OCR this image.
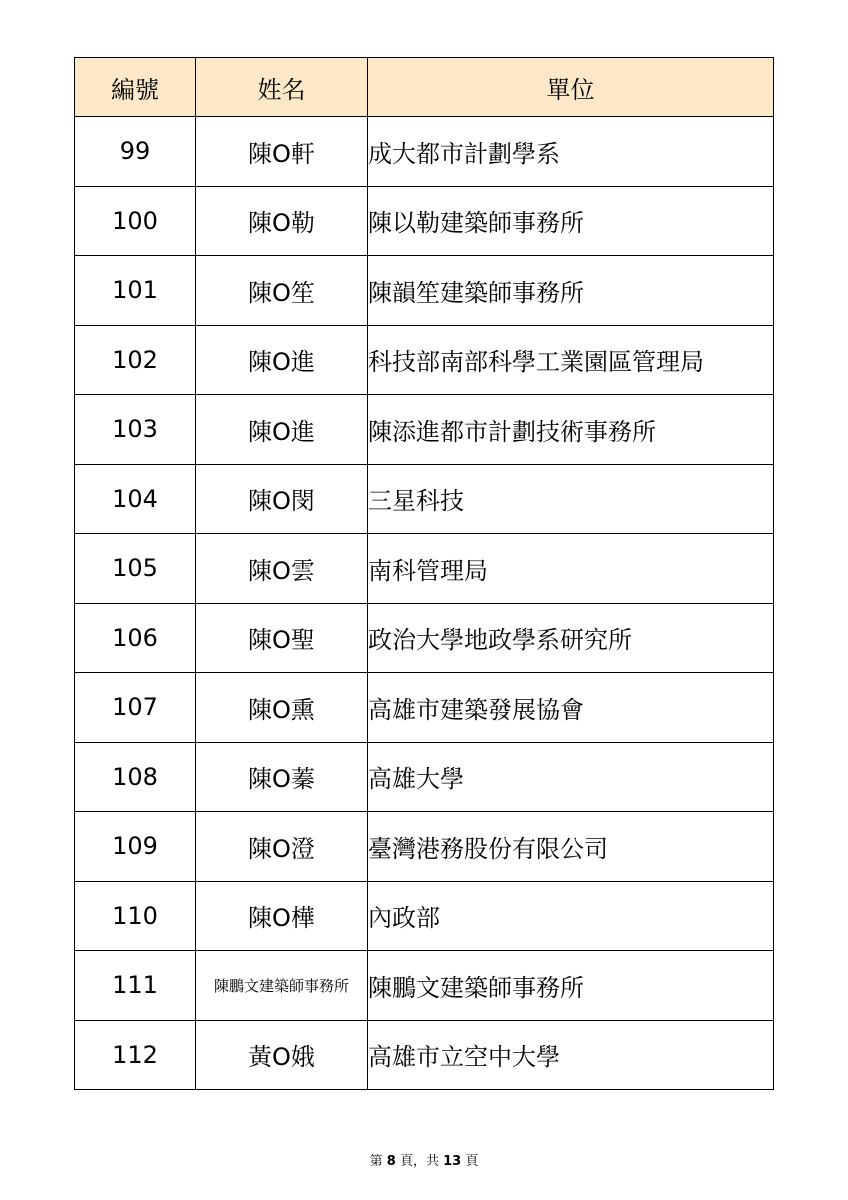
編號	姓名	單位
99	陳O軒	成大都市計劃學系
100	陳O勒	陳以勒建築師事務所
101	陳O笙	陳韻笙建築師事務所
102	陳O進	科技部南部科學工業園區管理局
103	陳O進	陳添進都市計劃技術事務所
104	陳O閔	三星科技
105	陳O雲	南科管理局
106	陳O聖	政治大學地政學系研究所
107	陳O熏	高雄市建築發展協會
108	陳O蓁	高雄大學
109	陳O澄	臺灣港務股份有限公司
110	陳O樺	內政部
111	陳鵬文建築師事務所	陳鵬文建築師事務所
112	黃O娥	高雄市立空中大學
第 8 頁，共 13 頁
